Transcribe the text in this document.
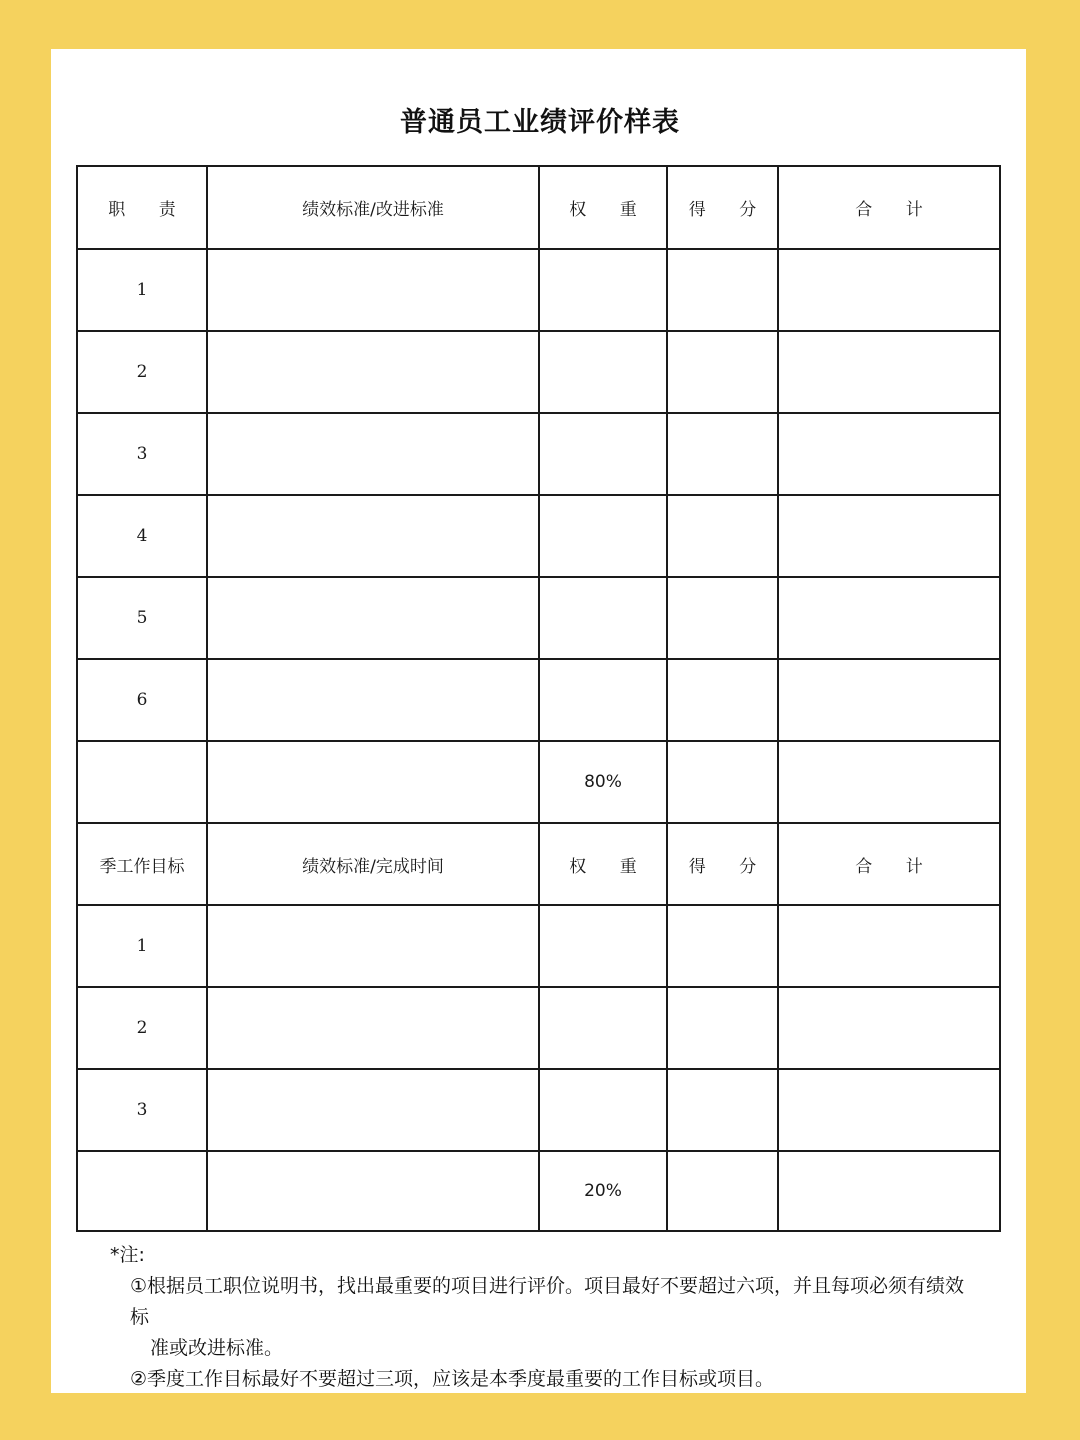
普通员工业绩评价样表
职 责	绩效标准/改进标准	权 重	得 分	合 计
1				
2				
3				
4				
5				
6				
		80%		
季工作目标	绩效标准/完成时间	权 重	得 分	合 计
1				
2				
3				
		20%		
*注:
①根据员工职位说明书，找出最重要的项目进行评价。项目最好不要超过六项，并且每项必须有绩效标
准或改进标准。
②季度工作目标最好不要超过三项，应该是本季度最重要的工作目标或项目。
